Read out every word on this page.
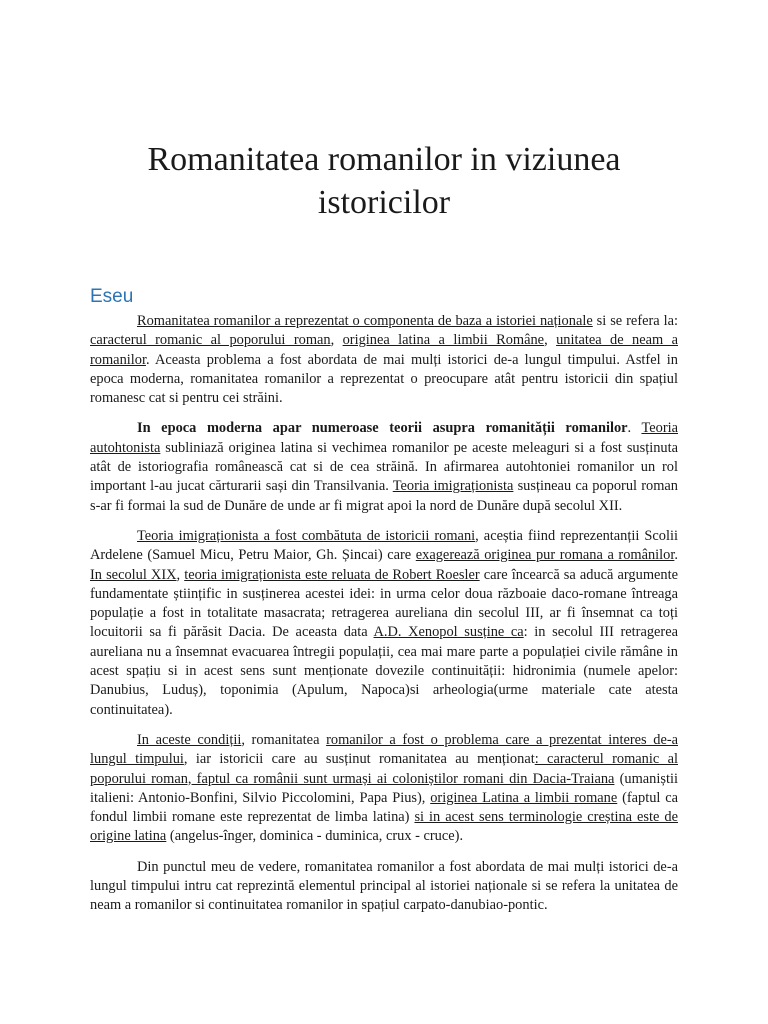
Romanitatea romanilor in viziunea istoricilor
Eseu

Romanitatea romanilor a reprezentat o componenta de baza a istoriei naționale si se refera la: caracterul romanic al poporului roman, originea latina a limbii Române, unitatea de neam a romanilor. Aceasta problema a fost abordata de mai mulți istorici de-a lungul timpului. Astfel in epoca moderna, romanitatea romanilor a reprezentat o preocupare atât pentru istoricii din spațiul romanesc cat si pentru cei străini.

In epoca moderna apar numeroase teorii asupra romanității romanilor. Teoria autohtonista subliniază originea latina si vechimea romanilor pe aceste meleaguri si a fost susținuta atât de istoriografia românească cat si de cea străină. In afirmarea autohtoniei romanilor un rol important l-au jucat cărturarii sași din Transilvania. Teoria imigraționista susțineau ca poporul roman s-ar fi formai la sud de Dunăre de unde ar fi migrat apoi la nord de Dunăre după secolul XII.

Teoria imigraționista a fost combătuta de istoricii romani, aceștia fiind reprezentanții Scolii Ardelene (Samuel Micu, Petru Maior, Gh. Șincai) care exagerează originea pur romana a românilor. In secolul XIX, teoria imigraționista este reluata de Robert Roesler care încearcă sa aducă argumente fundamentate științific in susținerea acestei idei: in urma celor doua războaie daco-romane întreaga populație a fost in totalitate masacrata; retragerea aureliana din secolul III, ar fi însemnat ca toți locuitorii sa fi părăsit Dacia. De aceasta data A.D. Xenopol susține ca: in secolul III retragerea aureliana nu a însemnat evacuarea întregii populații, cea mai mare parte a populației civile rămâne in acest spațiu si in acest sens sunt menționate dovezile continuității: hidronimia (numele apelor: Danubius, Luduș), toponimia (Apulum, Napoca)si arheologia(urme materiale cate atesta continuitatea).

In aceste condiții, romanitatea romanilor a fost o problema care a prezentat interes de-a lungul timpului, iar istoricii care au susținut romanitatea au menționat: caracterul romanic al poporului roman, faptul ca românii sunt urmași ai coloniștilor romani din Dacia-Traiana (umaniștii italieni: Antonio-Bonfini, Silvio Piccolomini, Papa Pius), originea Latina a limbii romane (faptul ca fondul limbii romane este reprezentat de limba latina) si in acest sens terminologie creștina este de origine latina (angelus-înger, dominica - duminica, crux - cruce).

Din punctul meu de vedere, romanitatea romanilor a fost abordata de mai mulți istorici de-a lungul timpului intru cat reprezintă elementul principal al istoriei naționale si se refera la unitatea de neam a romanilor si continuitatea romanilor in spațiul carpato-danubiao-pontic.
